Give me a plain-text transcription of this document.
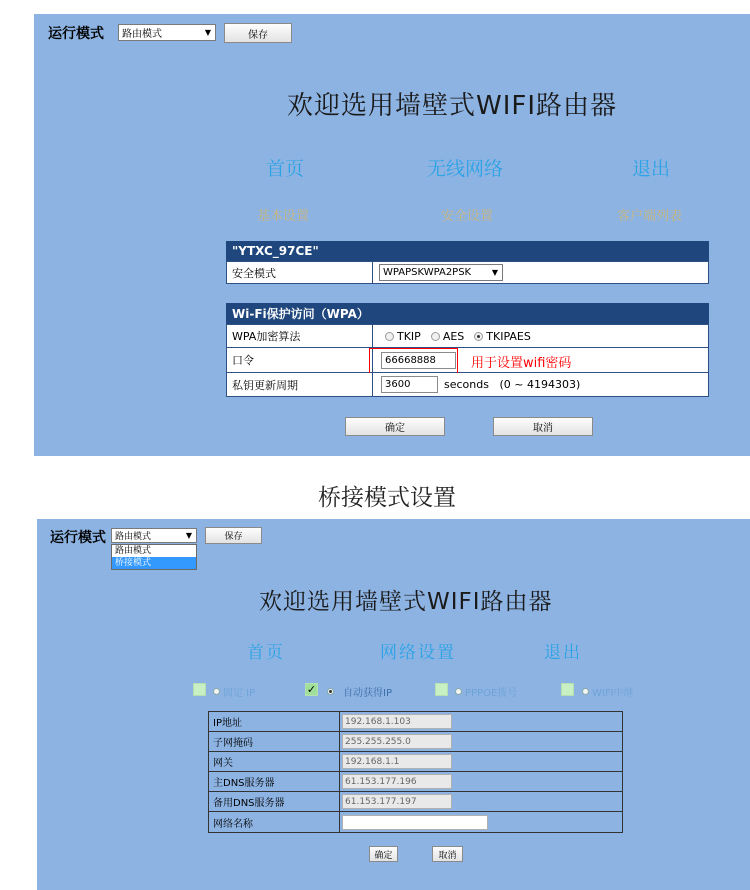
运行模式 路由模式	▼	保存
欢迎选用墙壁式WIFI路由器
首页	无线网络	退出
基本设置	安全设置	客户端列表
"YTXC_97CE"
安全模式	WPAPSKWPA2PSK	▼
Wi-Fi保护访问（WPA）
WPA加密算法	TKIP AES TKIPAES
口令	66668888	用于设置wifi密码
私钥更新周期	3600	seconds   (0 ~ 4194303)
确定	取消
桥接模式设置
运行模式 路由模式	▼
路由模式
桥接模式
保存
欢迎选用墙壁式WIFI路由器
首页	网络设置	退出
固定 IP	✓	自动获得IP	PPPOE拨号	WIFI中继
IP地址	192.168.1.103
子网掩码	255.255.255.0
网关	192.168.1.1
主DNS服务器	61.153.177.196
备用DNS服务器	61.153.177.197
网络名称
确定	取消
